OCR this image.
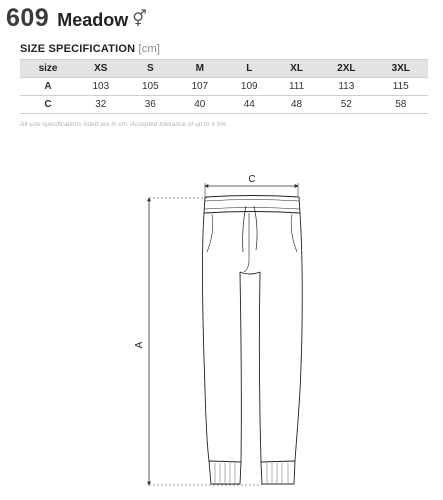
609 Meadow ⚥
SIZE SPECIFICATION [cm]
size	XS	S	M	L	XL	2XL	3XL
A	103	105	107	109	111	113	115
C	32	36	40	44	48	52	58
All size specifications listed are in cm. Accepted tolerance of up to ± 5%.
C
A
